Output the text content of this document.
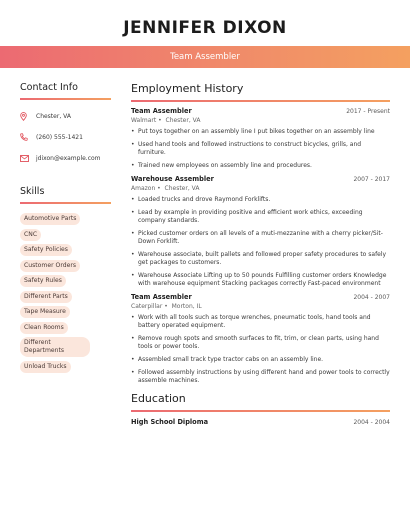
JENNIFER DIXON
Team Assembler
Contact Info
Chester, VA
(260) 555-1421
jdixon@example.com
Skills
Automotive Parts
CNC
Safety Policies
Customer Orders
Safety Rules
Different Parts
Tape Measure
Clean Rooms
Different Departments
Unload Trucks
Employment History
Team Assembler	2017 - Present
Walmart •  Chester, VA
• Put toys together on an assembly line I put bikes together on an assembly line
• Used hand tools and followed instructions to construct bicycles, grills, and furniture.
• Trained new employees on assembly line and procedures.
Warehouse Assembler	2007 - 2017
Amazon •  Chester, VA
• Loaded trucks and drove Raymond Forklifts.
• Lead by example in providing positive and efficient work ethics, exceeding company standards.
• Picked customer orders on all levels of a muti-mezzanine with a cherry picker/Sit-Down Forklift.
• Warehouse associate, built pallets and followed proper safety procedures to safely get packages to customers.
• Warehouse Associate Lifting up to 50 pounds Fulfilling customer orders Knowledge with warehouse equipment Stacking packages correctly Fast-paced environment
Team Assembler	2004 - 2007
Caterpillar •  Morton, IL
• Work with all tools such as torque wrenches, pneumatic tools, hand tools and battery operated equipment.
• Remove rough spots and smooth surfaces to fit, trim, or clean parts, using hand tools or power tools.
• Assembled small track type tractor cabs on an assembly line.
• Followed assembly instructions by using different hand and power tools to correctly assemble machines.
Education
High School Diploma	2004 - 2004
